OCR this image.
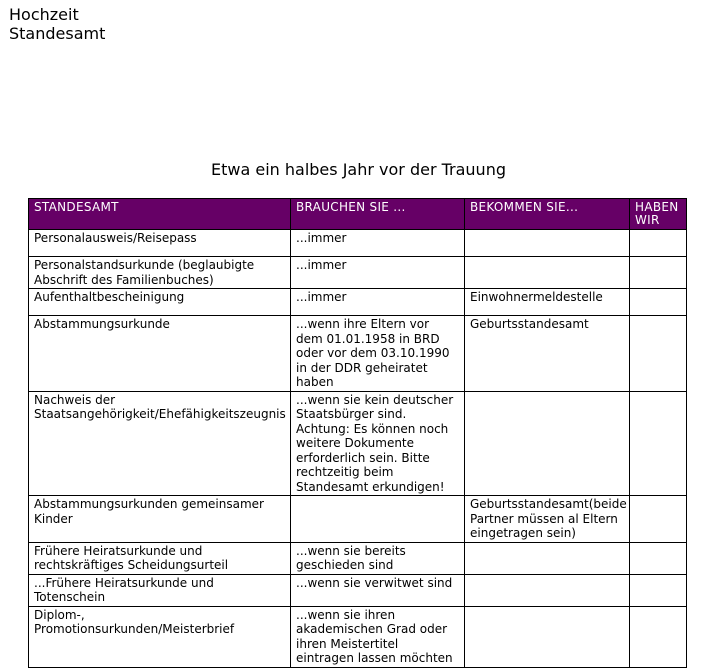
Hochzeit
Standesamt
Etwa ein halbes Jahr vor der Trauung
STANDESAMT	BRAUCHEN SIE ...	BEKOMMEN SIE...	HABEN WIR
Personalausweis/Reisepass	...immer		
Personalstandsurkunde (beglaubigte Abschrift des Familienbuches)	...immer		
Aufenthaltbescheinigung	...immer	Einwohnermeldestelle	
Abstammungsurkunde	...wenn ihre Eltern vor dem 01.01.1958 in BRD oder vor dem 03.10.1990 in der DDR geheiratet haben	Geburtsstandesamt	
Nachweis der Staatsangehörigkeit/Ehefähigkeitszeugnis	...wenn sie kein deutscher Staatsbürger sind. Achtung: Es können noch weitere Dokumente erforderlich sein. Bitte rechtzeitig beim Standesamt erkundigen!		
Abstammungsurkunden gemeinsamer Kinder		Geburtsstandesamt(beide Partner müssen al Eltern eingetragen sein)	
Frühere Heiratsurkunde und rechtskräftiges Scheidungsurteil	...wenn sie bereits geschieden sind		
...Frühere Heiratsurkunde und Totenschein	...wenn sie verwitwet sind		
Diplom-, Promotionsurkunden/Meisterbrief	...wenn sie ihren akademischen Grad oder ihren Meistertitel eintragen lassen möchten		
